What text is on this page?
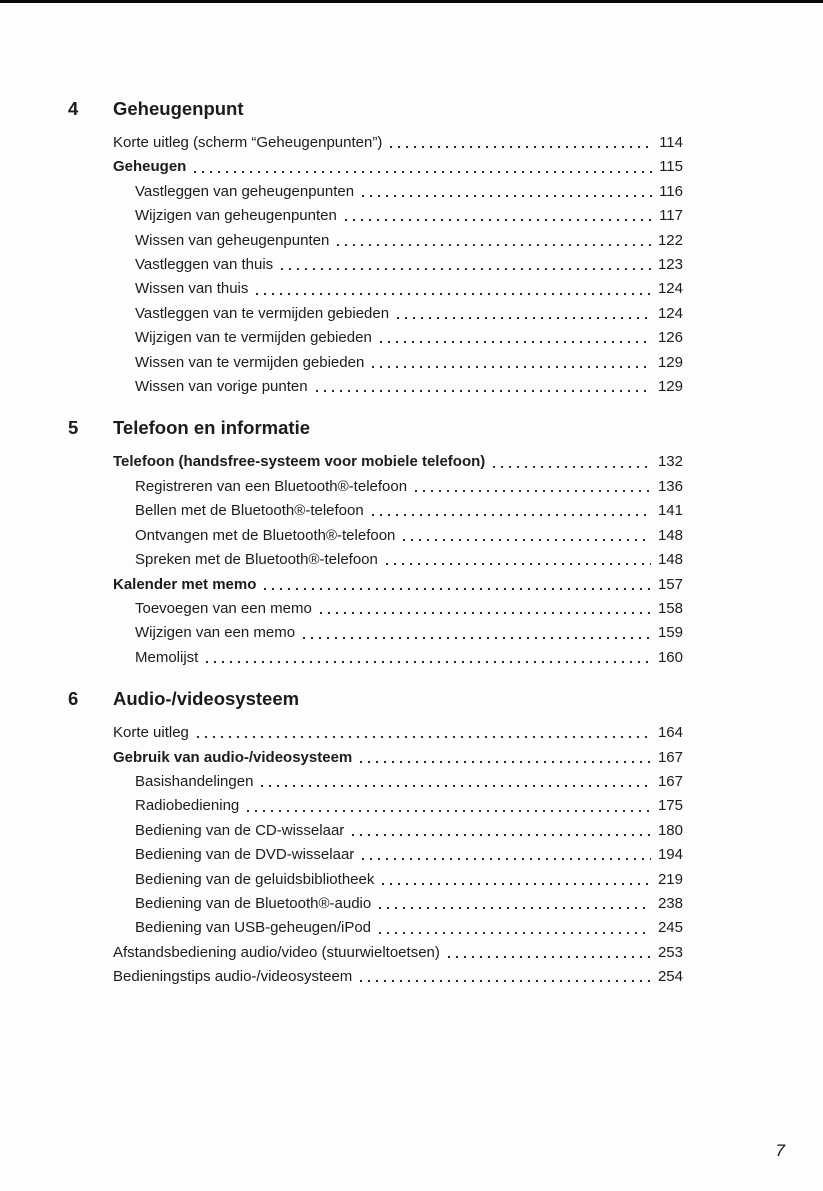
4	Geheugenpunt
Korte uitleg (scherm “Geheugenpunten”)	114
Geheugen	115
Vastleggen van geheugenpunten	116
Wijzigen van geheugenpunten	117
Wissen van geheugenpunten	122
Vastleggen van thuis	123
Wissen van thuis	124
Vastleggen van te vermijden gebieden	124
Wijzigen van te vermijden gebieden	126
Wissen van te vermijden gebieden	129
Wissen van vorige punten	129
5	Telefoon en informatie
Telefoon (handsfree-systeem voor mobiele telefoon)	132
Registreren van een Bluetooth®-telefoon	136
Bellen met de Bluetooth®-telefoon	141
Ontvangen met de Bluetooth®-telefoon	148
Spreken met de Bluetooth®-telefoon	148
Kalender met memo	157
Toevoegen van een memo	158
Wijzigen van een memo	159
Memolijst	160
6	Audio-/videosysteem
Korte uitleg	164
Gebruik van audio-/videosysteem	167
Basishandelingen	167
Radiobediening	175
Bediening van de CD-wisselaar	180
Bediening van de DVD-wisselaar	194
Bediening van de geluidsbibliotheek	219
Bediening van de Bluetooth®-audio	238
Bediening van USB-geheugen/iPod	245
Afstandsbediening audio/video (stuurwieltoetsen)	253
Bedieningstips audio-/videosysteem	254
7
